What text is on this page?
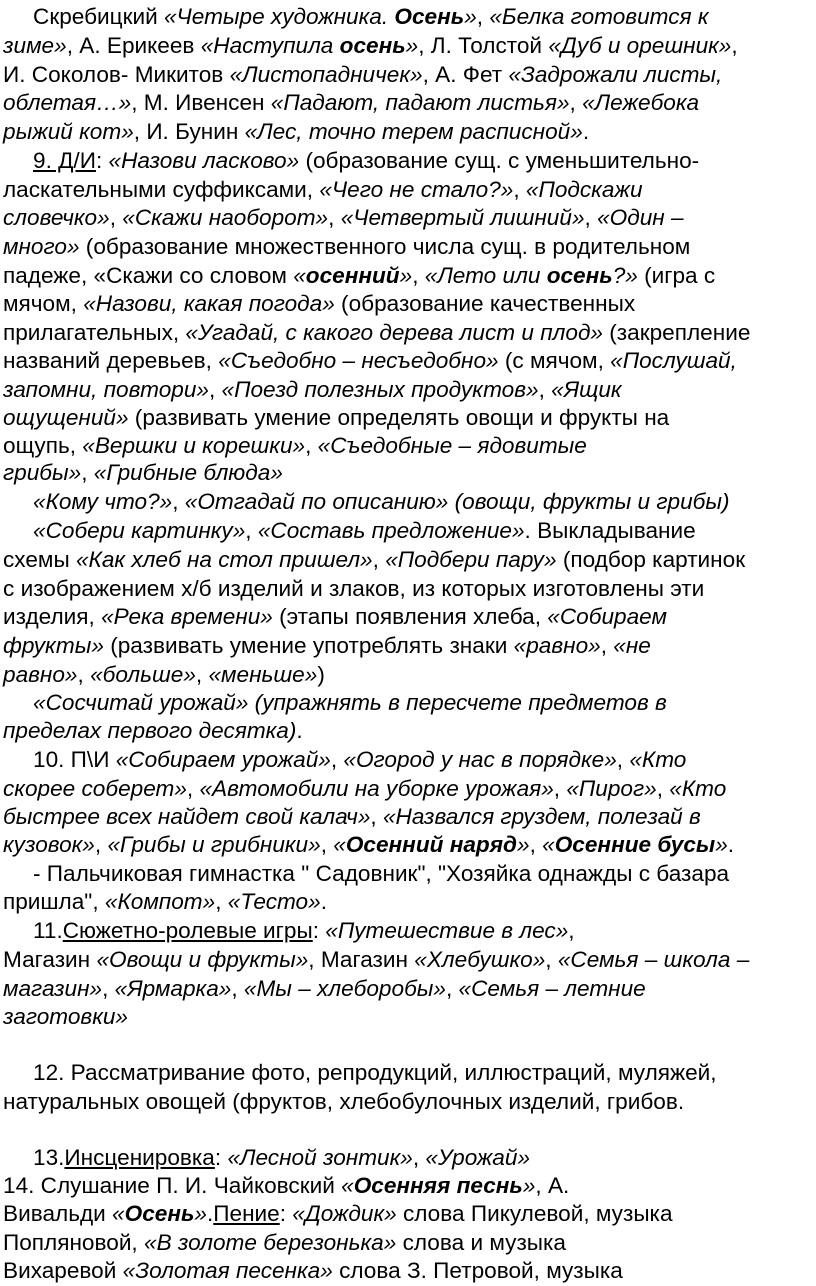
Скребицкий «Четыре художника. Осень», «Белка готовится к
зиме», А. Ерикеев «Наступила осень», Л. Толстой «Дуб и орешник»,
И. Соколов- Микитов «Листопадничек», А. Фет «Задрожали листы,
облетая…», М. Ивенсен «Падают, падают листья», «Лежебока
рыжий кот», И. Бунин «Лес, точно терем расписной».
9. Д/И: «Назови ласково» (образование сущ. с уменьшительно-
ласкательными суффиксами, «Чего не стало?», «Подскажи
словечко», «Скажи наоборот», «Четвертый лишний», «Один –
много» (образование множественного числа сущ. в родительном
падеже, «Скажи со словом «осенний», «Лето или осень?» (игра с
мячом, «Назови, какая погода» (образование качественных
прилагательных, «Угадай, с какого дерева лист и плод» (закрепление
названий деревьев, «Съедобно – несъедобно» (с мячом, «Послушай,
запомни, повтори», «Поезд полезных продуктов», «Ящик
ощущений» (развивать умение определять овощи и фрукты на
ощупь, «Вершки и корешки», «Съедобные – ядовитые
грибы», «Грибные блюда»
«Кому что?», «Отгадай по описанию» (овощи, фрукты и грибы)
«Собери картинку», «Составь предложение». Выкладывание
схемы «Как хлеб на стол пришел», «Подбери пару» (подбор картинок
с изображением х/б изделий и злаков, из которых изготовлены эти
изделия, «Река времени» (этапы появления хлеба, «Собираем
фрукты» (развивать умение употреблять знаки «равно», «не
равно», «больше», «меньше»)
«Сосчитай урожай» (упражнять в пересчете предметов в
пределах первого десятка).
10. П\И «Собираем урожай», «Огород у нас в порядке», «Кто
скорее соберет», «Автомобили на уборке урожая», «Пирог», «Кто
быстрее всех найдет свой калач», «Назвался груздем, полезай в
кузовок», «Грибы и грибники», «Осенний наряд», «Осенние бусы».
- Пальчиковая гимнастка " Садовник", "Хозяйка однажды с базара
пришла", «Компот», «Тесто».
11.Сюжетно-ролевые игры: «Путешествие в лес»,
Магазин «Овощи и фрукты», Магазин «Хлебушко», «Семья – школа –
магазин», «Ярмарка», «Мы – хлеборобы», «Семья – летние
заготовки»
12. Рассматривание фото, репродукций, иллюстраций, муляжей,
натуральных овощей (фруктов, хлебобулочных изделий, грибов.
13.Инсценировка: «Лесной зонтик», «Урожай»
14. Слушание П. И. Чайковский «Осенняя песнь», А.
Вивальди «Осень».Пение: «Дождик» слова Пикулевой, музыка
Попляновой, «В золоте березонька» слова и музыка
Вихаревой «Золотая песенка» слова З. Петровой, музыка
